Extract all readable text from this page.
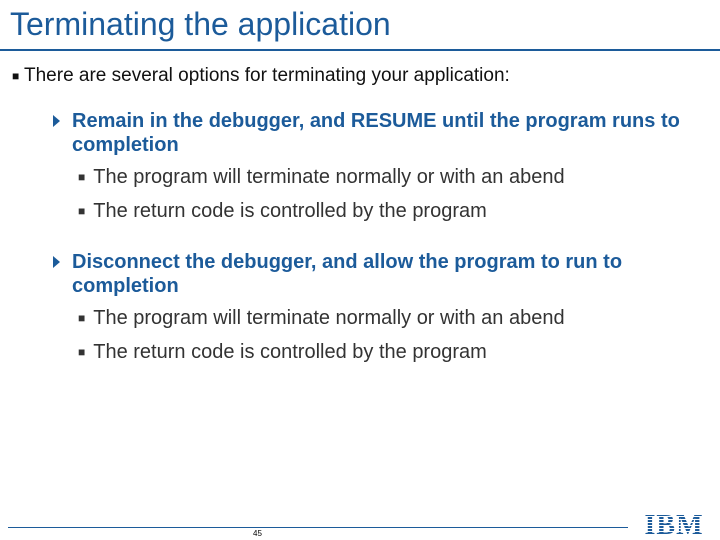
Terminating the application
■ There are several options for terminating your application:
Remain in the debugger, and RESUME until the program runs to completion
■ The program will terminate normally or with an abend
■ The return code is controlled by the program
Disconnect the debugger, and allow the program to run to completion
■ The program will terminate normally or with an abend
■ The return code is controlled by the program
45	IBM
